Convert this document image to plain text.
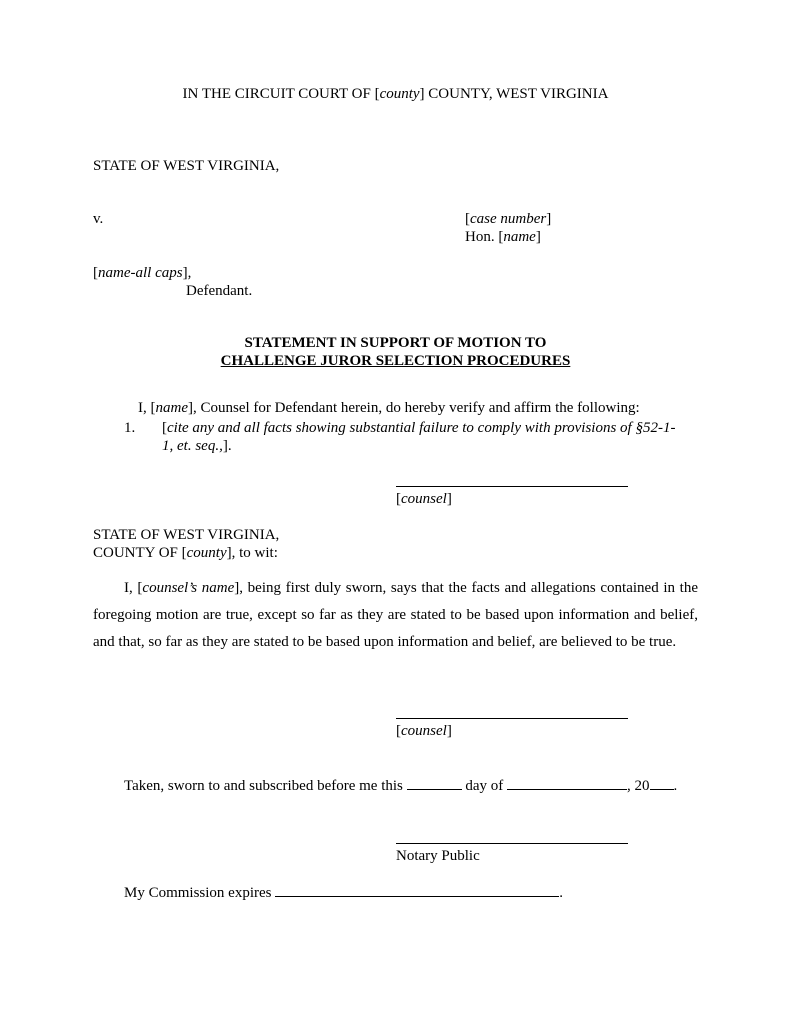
IN THE CIRCUIT COURT OF [county] COUNTY, WEST VIRGINIA
STATE OF WEST VIRGINIA,
v.	[case number]
Hon. [name]
[name-all caps],
Defendant.
STATEMENT IN SUPPORT OF MOTION TO
CHALLENGE JUROR SELECTION PROCEDURES
I, [name], Counsel for Defendant herein, do hereby verify and affirm the following:
1. [cite any and all facts showing substantial failure to comply with provisions of §52-1-
1, et. seq.,].
[counsel]
STATE OF WEST VIRGINIA,
COUNTY OF [county], to wit:
I, [counsel’s name], being first duly sworn, says that the facts and allegations contained in the foregoing motion are true, except so far as they are stated to be based upon information and belief, and that, so far as they are stated to be based upon information and belief, are believed to be true.
[counsel]
Taken, sworn to and subscribed before me this	day of	, 20 .
Notary Public
My Commission expires	.
